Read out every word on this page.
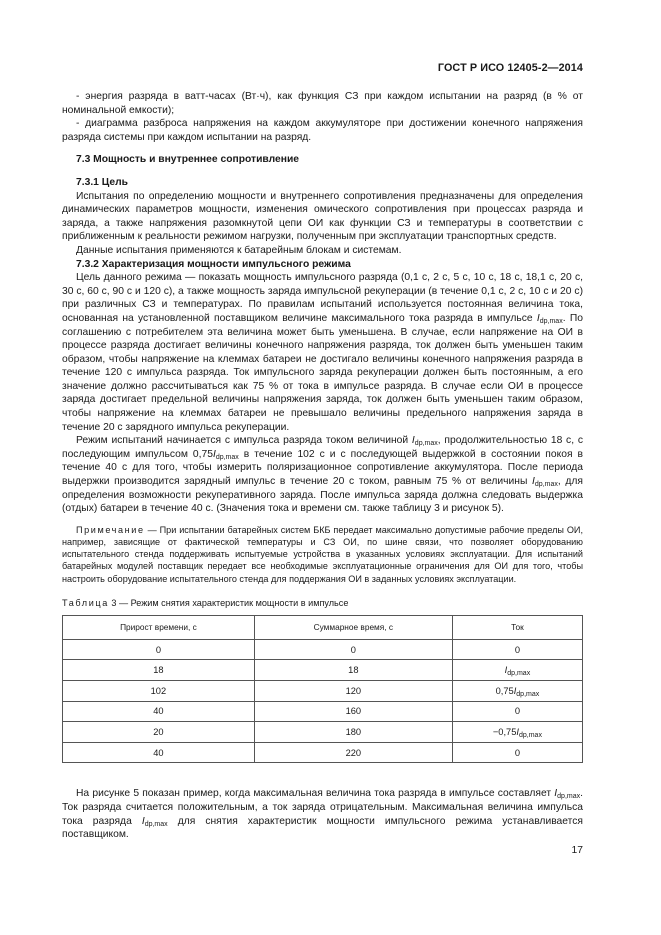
ГОСТ Р ИСО 12405-2—2014

- энергия разряда в ватт-часах (Вт·ч), как функция СЗ при каждом испытании на разряд (в % от номинальной емкости);

- диаграмма разброса напряжения на каждом аккумуляторе при достижении конечного напряжения разряда системы при каждом испытании на разряд.

7.3 Мощность и внутреннее сопротивление
7.3.1 Цель

Испытания по определению мощности и внутреннего сопротивления предназначены для определения динамических параметров мощности, изменения омического сопротивления при процессах разряда и заряда, а также напряжения разомкнутой цепи ОИ как функции СЗ и температуры в соответствии с приближенным к реальности режимом нагрузки, полученным при эксплуатации транспортных средств.

Данные испытания применяются к батарейным блокам и системам.

7.3.2 Характеризация мощности импульсного режима

Цель данного режима — показать мощность импульсного разряда (0,1 с, 2 с, 5 с, 10 с, 18 с, 18,1 с, 20 с, 30 с, 60 с, 90 с и 120 с), а также мощность заряда импульсной рекуперации (в течение 0,1 с, 2 с, 10 с и 20 с) при различных СЗ и температурах. По правилам испытаний используется постоянная величина тока, основанная на установленной поставщиком величине максимального тока разряда в импульсе $I_{dp,max}$. По соглашению с потребителем эта величина может быть уменьшена. В случае, если напряжение на ОИ в процессе разряда достигает величины конечного напряжения разряда, ток должен быть уменьшен таким образом, чтобы напряжение на клеммах батареи не достигало величины конечного напряжения разряда в течение 120 с импульса разряда. Ток импульсного заряда рекуперации должен быть постоянным, а его значение должно рассчитываться как 75 % от тока в импульсе разряда. В случае если ОИ в процессе заряда достигает предельной величины напряжения заряда, ток должен быть уменьшен таким образом, чтобы напряжение на клеммах батареи не превышало величины предельного напряжения заряда в течение 20 с зарядного импульса рекуперации.

Режим испытаний начинается с импульса разряда током величиной $I_{dp,max}$, продолжительностью 18 с, с последующим импульсом $0,75I_{dp,max}$ в течение 102 с и с последующей выдержкой в состоянии покоя в течение 40 с для того, чтобы измерить поляризационное сопротивление аккумулятора. После периода выдержки производится зарядный импульс в течение 20 с током, равным 75 % от величины $I_{dp,max}$, для определения возможности рекуперативного заряда. После импульса заряда должна следовать выдержка (отдых) батареи в течение 40 с. (Значения тока и времени см. также таблицу 3 и рисунок 5).

Примечание — При испытании батарейных систем БКБ передает максимально допустимые рабочие пределы ОИ, например, зависящие от фактической температуры и СЗ ОИ, по шине связи, что позволяет оборудованию испытательного стенда поддерживать испытуемые устройства в указанных условиях эксплуатации. Для испытаний батарейных модулей поставщик передает все необходимые эксплуатационные ограничения для ОИ для того, чтобы настроить оборудование испытательного стенда для поддержания ОИ в заданных условиях эксплуатации.

Таблица 3 — Режим снятия характеристик мощности в импульсе
Прирост времени, с	Суммарное время, с	Ток
0	0	0
18	18	$I_{dp,max}$
102	120	$0,75I_{dp,max}$
40	160	0
20	180	$-0,75I_{dp,max}$
40	220	0

На рисунке 5 показан пример, когда максимальная величина тока разряда в импульсе составляет $I_{dp,max}$. Ток разряда считается положительным, а ток заряда отрицательным. Максимальная величина импульса тока разряда $I_{dp,max}$ для снятия характеристик мощности импульсного режима устанавливается поставщиком.

17
